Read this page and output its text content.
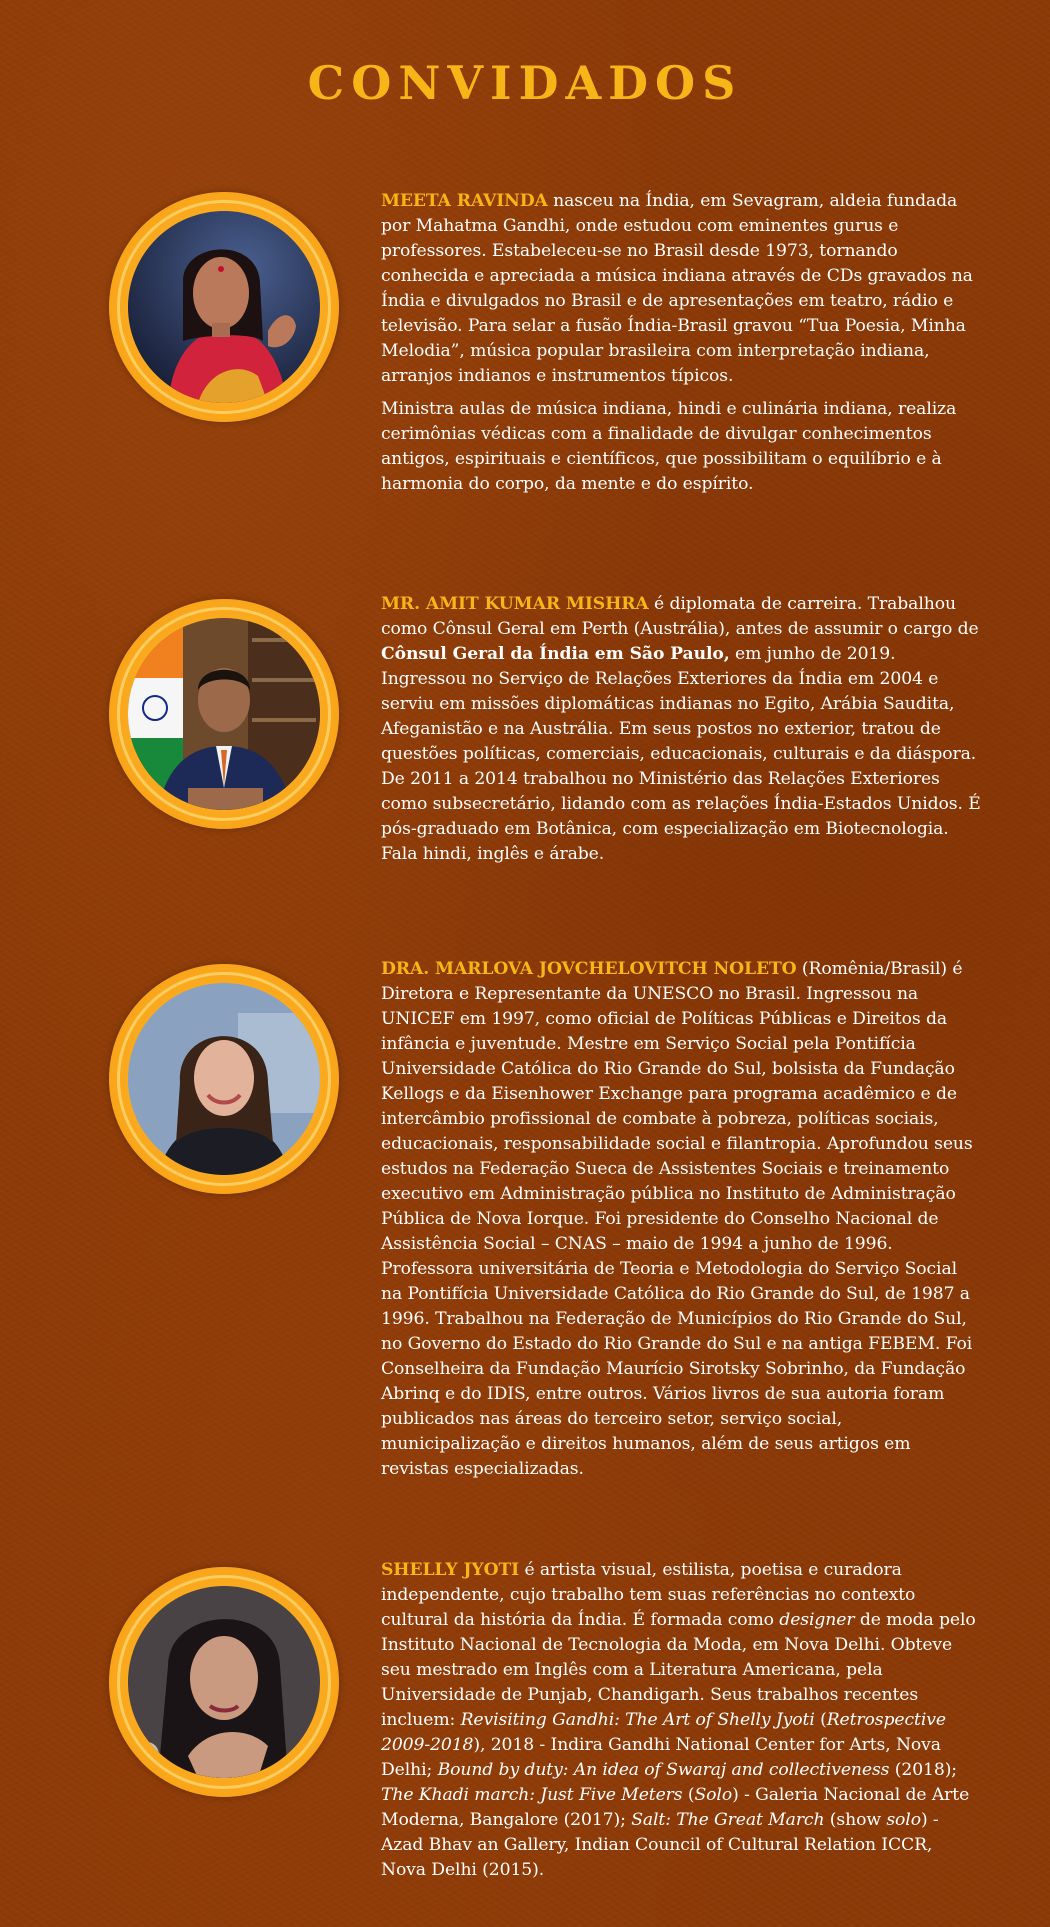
CONVIDADOS

MEETA RAVINDA nasceu na Índia, em Sevagram, aldeia fundada por Mahatma Gandhi, onde estudou com eminentes gurus e professores. Estabeleceu-se no Brasil desde 1973, tornando conhecida e apreciada a música indiana através de CDs gravados na Índia e divulgados no Brasil e de apresentações em teatro, rádio e televisão. Para selar a fusão Índia-Brasil gravou “Tua Poesia, Minha Melodia”, música popular brasileira com interpretação indiana, arranjos indianos e instrumentos típicos.

Ministra aulas de música indiana, hindi e culinária indiana, realiza cerimônias védicas com a finalidade de divulgar conhecimentos antigos, espirituais e científicos, que possibilitam o equilíbrio e à harmonia do corpo, da mente e do espírito.

MR. AMIT KUMAR MISHRA é diplomata de carreira. Trabalhou como Cônsul Geral em Perth (Austrália), antes de assumir o cargo de Cônsul Geral da Índia em São Paulo, em junho de 2019. Ingressou no Serviço de Relações Exteriores da Índia em 2004 e serviu em missões diplomáticas indianas no Egito, Arábia Saudita, Afeganistão e na Austrália. Em seus postos no exterior, tratou de questões políticas, comerciais, educacionais, culturais e da diáspora. De 2011 a 2014 trabalhou no Ministério das Relações Exteriores como subsecretário, lidando com as relações Índia-Estados Unidos. É pós-graduado em Botânica, com especialização em Biotecnologia. Fala hindi, inglês e árabe.

DRA. MARLOVA JOVCHELOVITCH NOLETO (Romênia/Brasil) é Diretora e Representante da UNESCO no Brasil. Ingressou na UNICEF em 1997, como oficial de Políticas Públicas e Direitos da infância e juventude. Mestre em Serviço Social pela Pontifícia Universidade Católica do Rio Grande do Sul, bolsista da Fundação Kellogs e da Eisenhower Exchange para programa acadêmico e de intercâmbio profissional de combate à pobreza, políticas sociais, educacionais, responsabilidade social e filantropia. Aprofundou seus estudos na Federação Sueca de Assistentes Sociais e treinamento executivo em Administração pública no Instituto de Administração Pública de Nova Iorque. Foi presidente do Conselho Nacional de Assistência Social – CNAS – maio de 1994 a junho de 1996. Professora universitária de Teoria e Metodologia do Serviço Social na Pontifícia Universidade Católica do Rio Grande do Sul, de 1987 a 1996. Trabalhou na Federação de Municípios do Rio Grande do Sul, no Governo do Estado do Rio Grande do Sul e na antiga FEBEM. Foi Conselheira da Fundação Maurício Sirotsky Sobrinho, da Fundação Abrinq e do IDIS, entre outros. Vários livros de sua autoria foram publicados nas áreas do terceiro setor, serviço social, municipalização e direitos humanos, além de seus artigos em revistas especializadas.

SHELLY JYOTI é artista visual, estilista, poetisa e curadora independente, cujo trabalho tem suas referências no contexto cultural da história da Índia. É formada como designer de moda pelo Instituto Nacional de Tecnologia da Moda, em Nova Delhi. Obteve seu mestrado em Inglês com a Literatura Americana, pela Universidade de Punjab, Chandigarh. Seus trabalhos recentes incluem: Revisiting Gandhi: The Art of Shelly Jyoti (Retrospective 2009-2018), 2018 - Indira Gandhi National Center for Arts, Nova Delhi; Bound by duty: An idea of Swaraj and collectiveness (2018); The Khadi march: Just Five Meters (Solo) - Galeria Nacional de Arte Moderna, Bangalore (2017); Salt: The Great March (show solo) - Azad Bhav an Gallery, Indian Council of Cultural Relation ICCR, Nova Delhi (2015).
